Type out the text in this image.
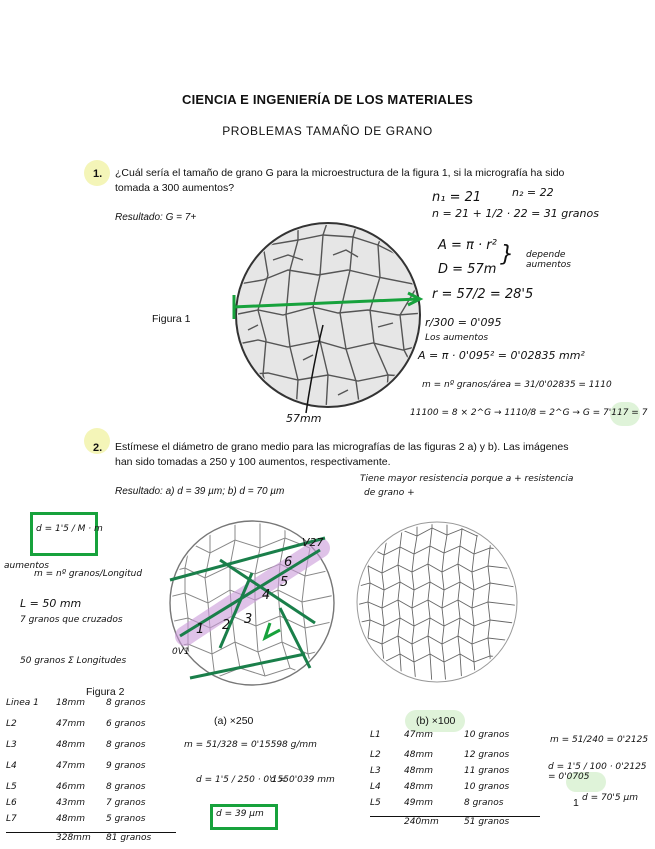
CIENCIA E INGENIERÍA DE LOS MATERIALES
PROBLEMAS TAMAÑO DE GRANO
1. ¿Cuál sería el tamaño de grano G para la microestructura de la figura 1, si la micrografía ha sido
tomada a 300 aumentos?
Resultado: G = 7+
Figura 1
57mm
n₁ = 21	n₂ = 22
n = 21 + 1/2 · 22 = 31 granos
A = π · r²
D = 57m
} depende aumentos
r = 57/2 = 28'5
r/300 = 0'095
Los aumentos
A = π · 0'095² = 0'02835 mm²
m = nº granos/área = 31/0'02835 = 1110
11100 = 8 × 2^G → 1110/8 = 2^G → G = 7'117 = 7
2. Estímese el diámetro de grano medio para las micrografías de las figuras 2 a) y b). Las imágenes
han sido tomadas a 250 y 100 aumentos, respectivamente.
Resultado: a) d = 39 µm; b) d = 70 µm
Tiene mayor resistencia porque a + resistencia
de grano +
d = 1'5 / M · m
aumentos
m = nº granos/Longitud
L = 50 mm
7 granos que cruzados
50 granos Σ Longitudes
V27
0V1
1 2 3
4
5
6
Figura 2
(a) ×250	(b) ×100
Linea 1	18mm	8 granos
L2	47mm	6 granos
L3	48mm	8 granos
L4	47mm	9 granos
L5	46mm	8 granos
L6	43mm	7 granos
L7	48mm	5 granos
328mm	81 granos
m = 51/328 = 0'15598 g/mm
d = 1'5 / 250 · 0'155
d = 0'039 mm
d = 39 µm
L1	47mm	10 granos
L2	48mm	12 granos
L3	48mm	11 granos
L4	48mm	10 granos
L5	49mm	8 granos
240mm	51 granos
m = 51/240 = 0'2125
d = 1'5 / 100 · 0'2125 = 0'0705
1 d = 70'5 µm
